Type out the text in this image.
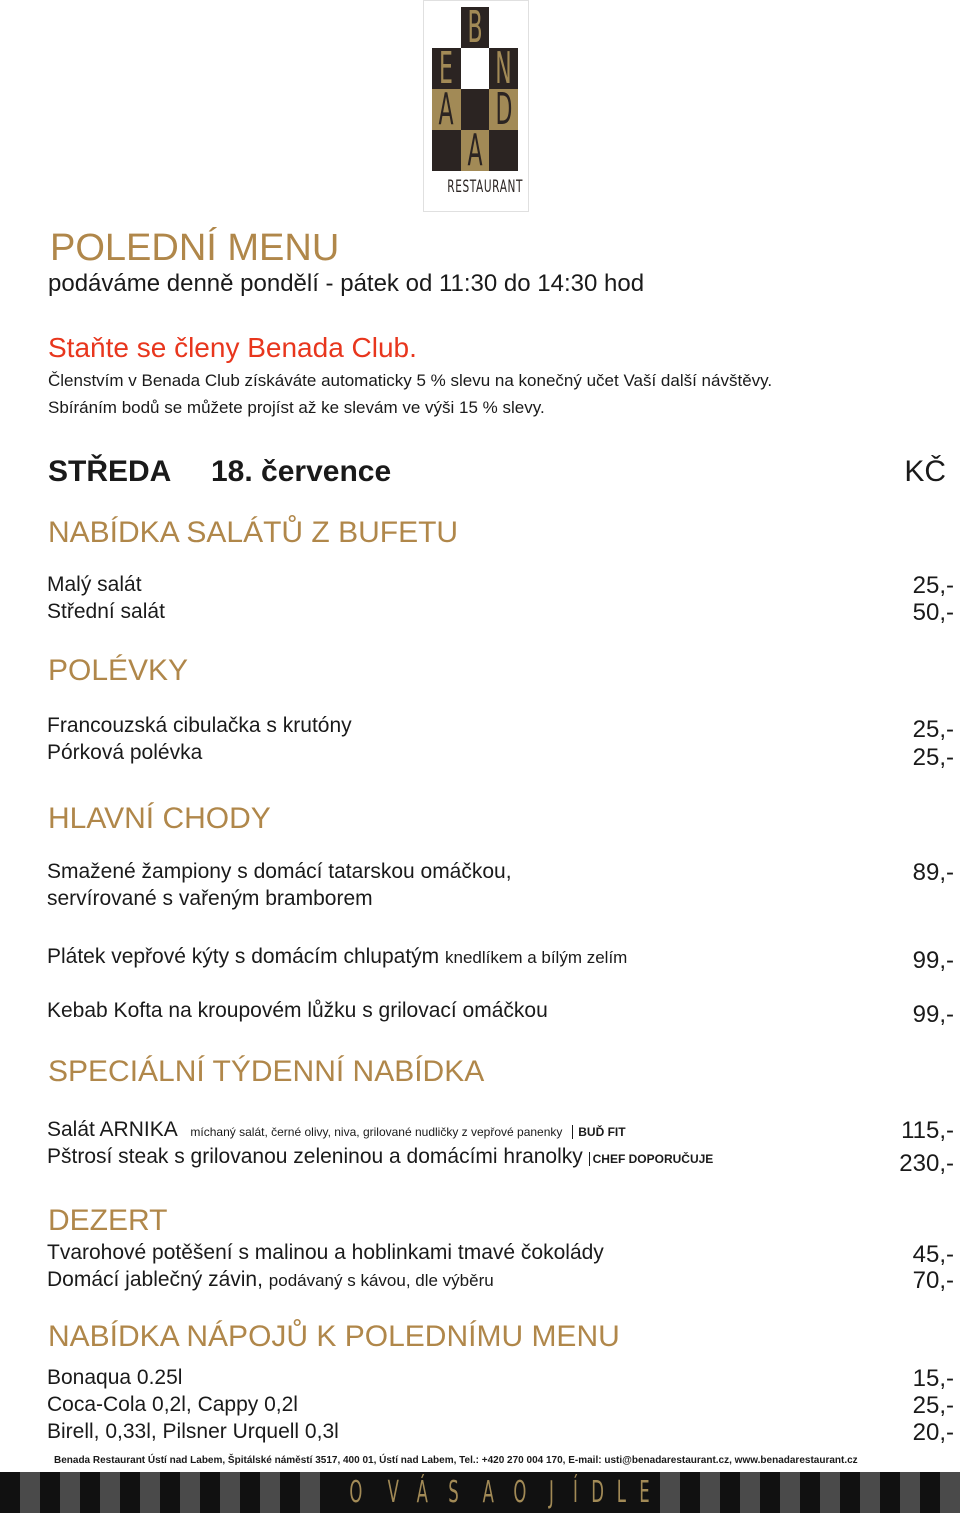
B
E N
A D
A
RESTAURANT
POLEDNÍ MENU
podáváme denně pondělí - pátek od 11:30 do 14:30 hod
Staňte se členy Benada Club.
Členstvím v Benada Club získáváte automaticky 5 % slevu na konečný učet Vaší další návštěvy.
Sbíráním bodů se můžete projíst až ke slevám ve výši 15 % slevy.
STŘEDA 18. července	KČ
NABÍDKA SALÁTŮ Z BUFETU
Malý salát	25,-
Střední salát	50,-
POLÉVKY
Francouzská cibulačka s krutóny	25,-
Pórková polévka	25,-
HLAVNÍ CHODY
Smažené žampiony s domácí tatarskou omáčkou,
servírované s vařeným bramborem
89,-
Plátek vepřové kýty s domácím chlupatým knedlíkem a bílým zelím	99,-
Kebab Kofta na kroupovém lůžku s grilovací omáčkou	99,-
SPECIÁLNÍ TÝDENNÍ NABÍDKA
Salát ARNIKA míchaný salát, černé olivy, niva, grilované nudličky z vepřové panenky BUĎ FIT	115,-
Pštrosí steak s grilovanou zeleninou a domácími hranolky CHEF DOPORUČUJE	230,-
DEZERT
Tvarohové potěšení s malinou a hoblinkami tmavé čokolády	45,-
Domácí jablečný závin, podávaný s kávou, dle výběru	70,-
NABÍDKA NÁPOJŮ K POLEDNÍMU MENU
Bonaqua 0.25l	15,-
Coca-Cola 0,2l, Cappy 0,2l	25,-
Birell, 0,33l, Pilsner Urquell 0,3l	20,-
Benada Restaurant Ústí nad Labem, Špitálské náměstí 3517, 400 01, Ústí nad Labem, Tel.: +420 270 004 170, E-mail: usti@benadarestaurant.cz, www.benadarestaurant.cz
O V Á S A O J Í D L E
